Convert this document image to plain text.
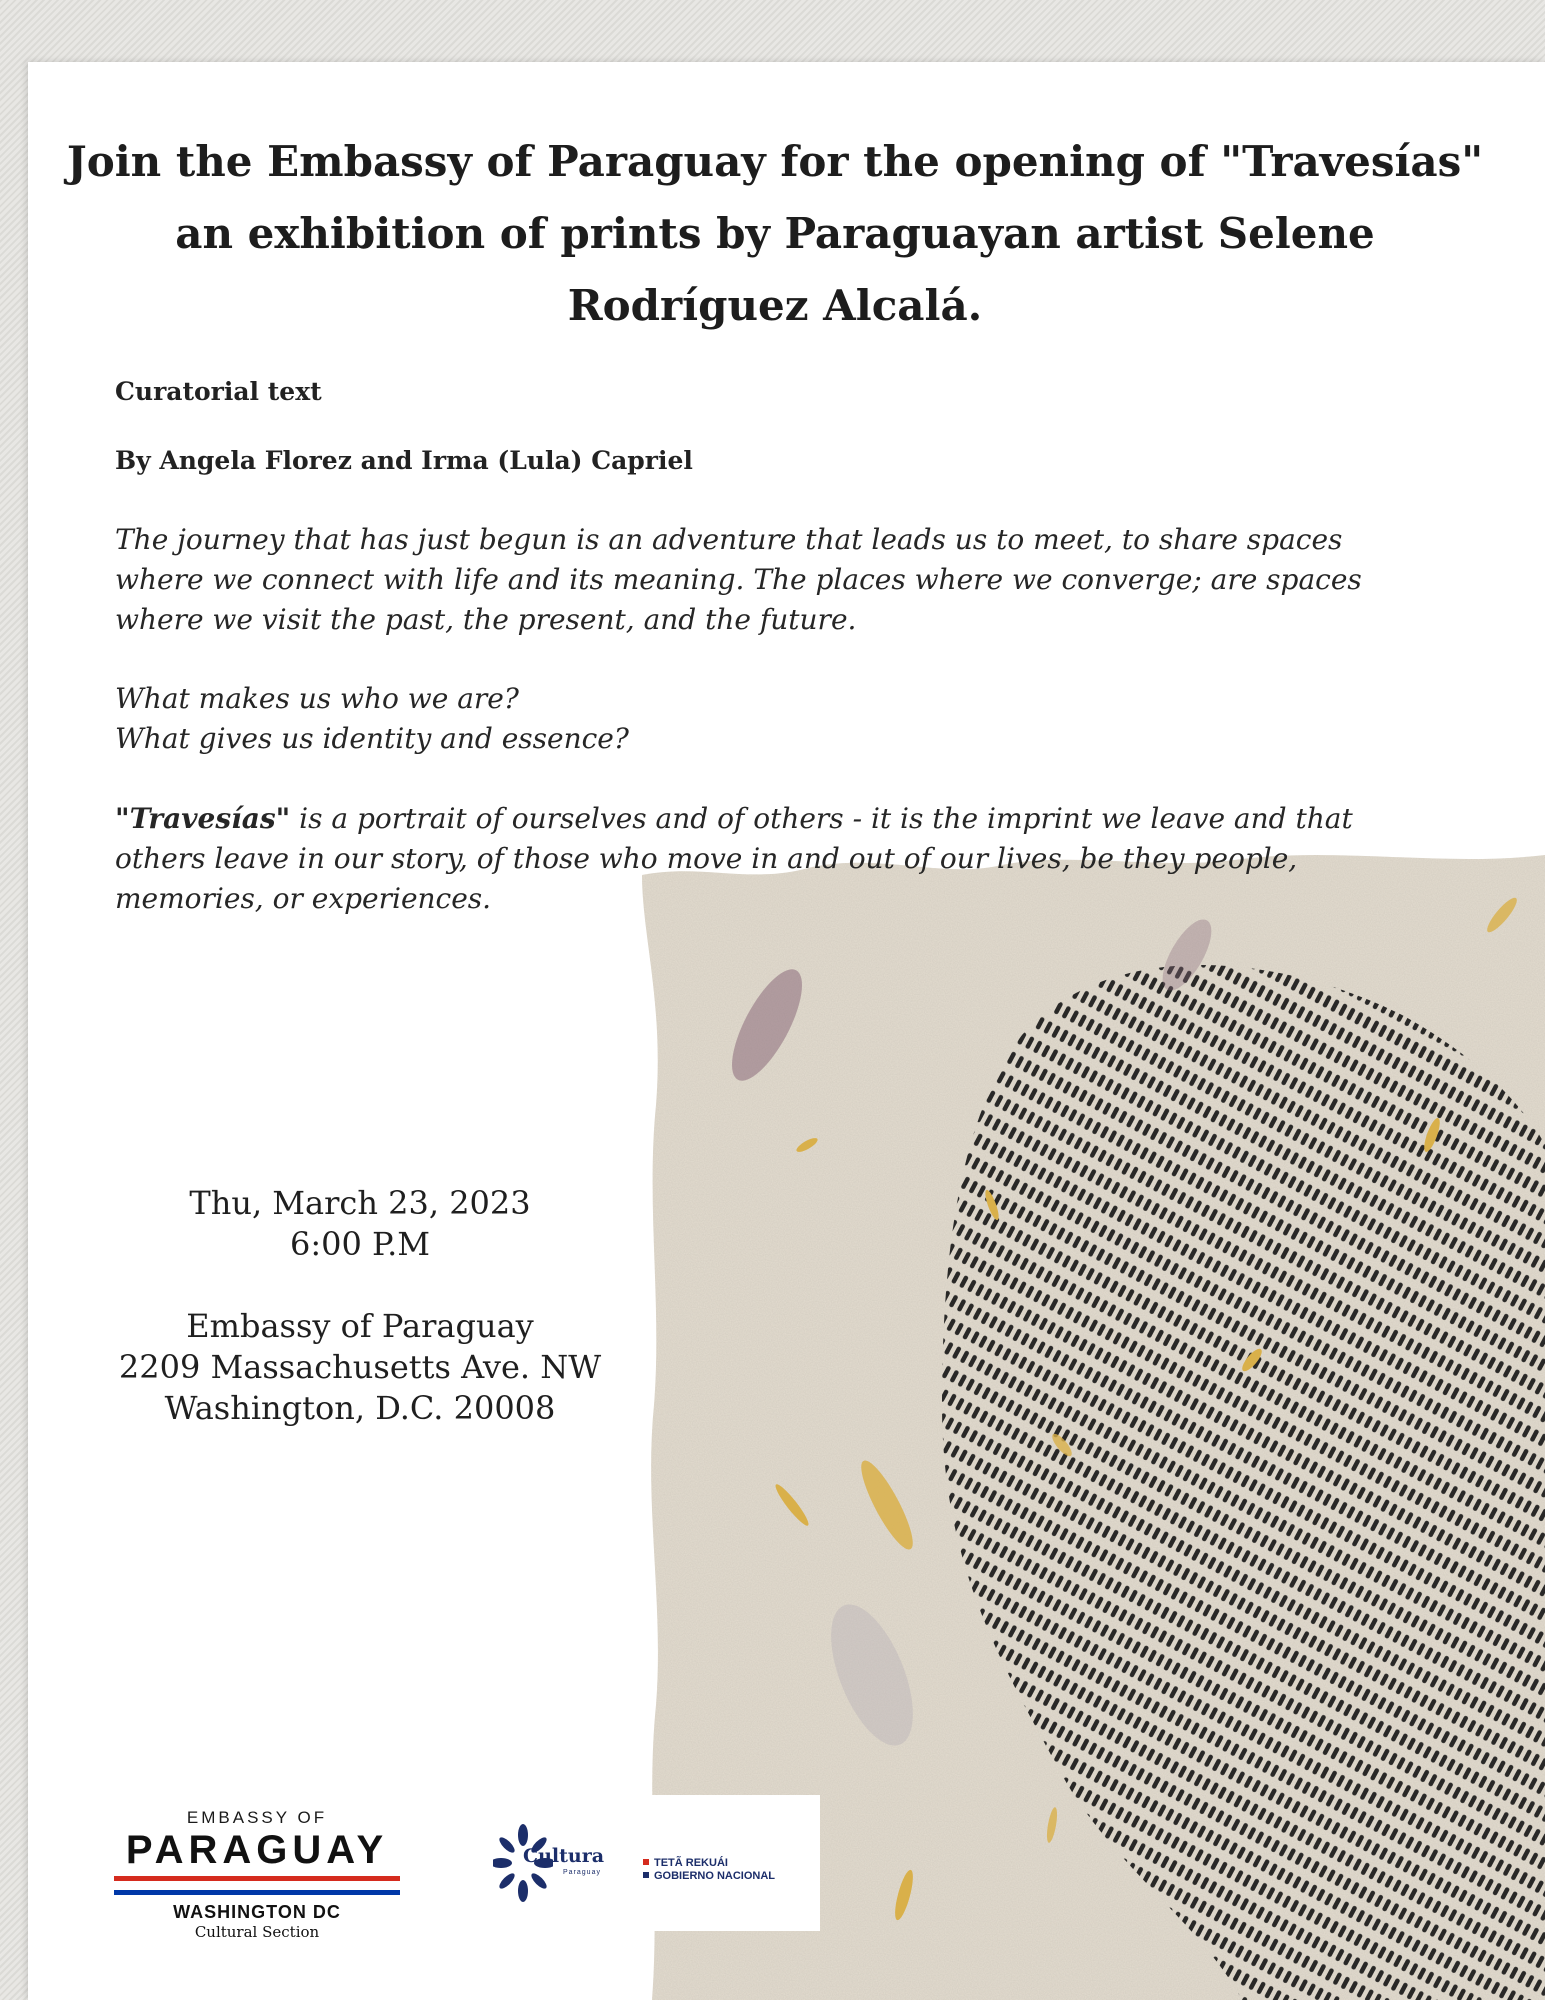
Join the Embassy of Paraguay for the opening of "Travesías"
an exhibition of prints by Paraguayan artist Selene
Rodríguez Alcalá.

Curatorial text

By Angela Florez and Irma (Lula) Capriel

The journey that has just begun is an adventure that leads us to meet, to share spaces where we connect with life and its meaning. The places where we converge; are spaces where we visit the past, the present, and the future.

What makes us who we are?

What gives us identity and essence?

"Travesías" is a portrait of ourselves and of others - it is the imprint we leave and that others leave in our story, of those who move in and out of our lives, be they people, memories, or experiences.

Thu, March 23, 2023

6:00 P.M

Embassy of Paraguay

2209 Massachusetts Ave. NW

Washington, D.C. 20008

EMBASSY OF
PARAGUAY
WASHINGTON DC
Cultural Section
Cultura
Paraguay
TETÃ REKUÁI
GOBIERNO NACIONAL
